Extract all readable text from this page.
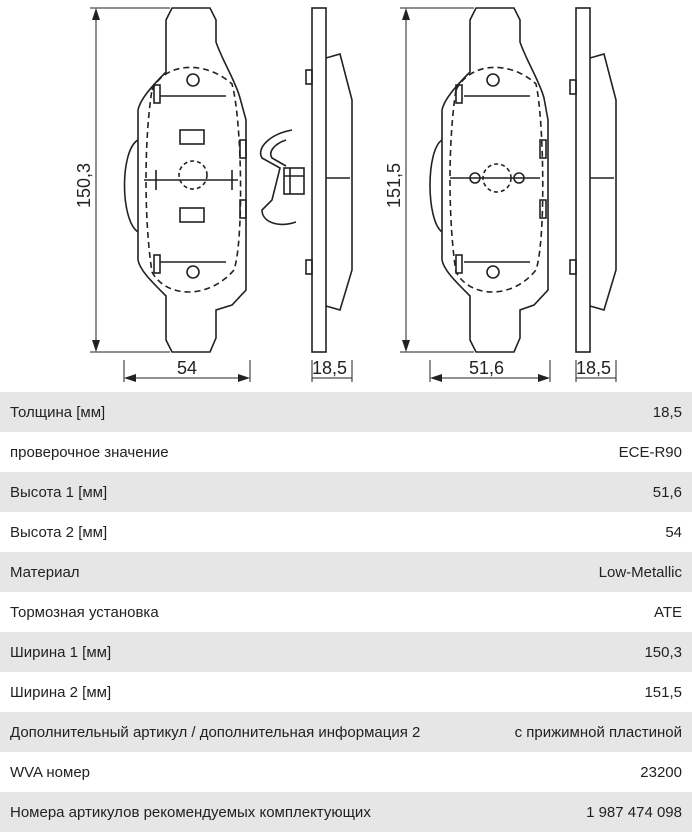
150,3
54	18,5
151,5
51,6	18,5
Толщина [мм]	18,5
проверочное значение	ECE-R90
Высота 1 [мм]	51,6
Высота 2 [мм]	54
Материал	Low-Metallic
Тормозная установка	ATE
Ширина 1 [мм]	150,3
Ширина 2 [мм]	151,5
Дополнительный артикул / дополнительная информация 2	с прижимной пластиной
WVA номер	23200
Номера артикулов рекомендуемых комплектующих	1 987 474 098
